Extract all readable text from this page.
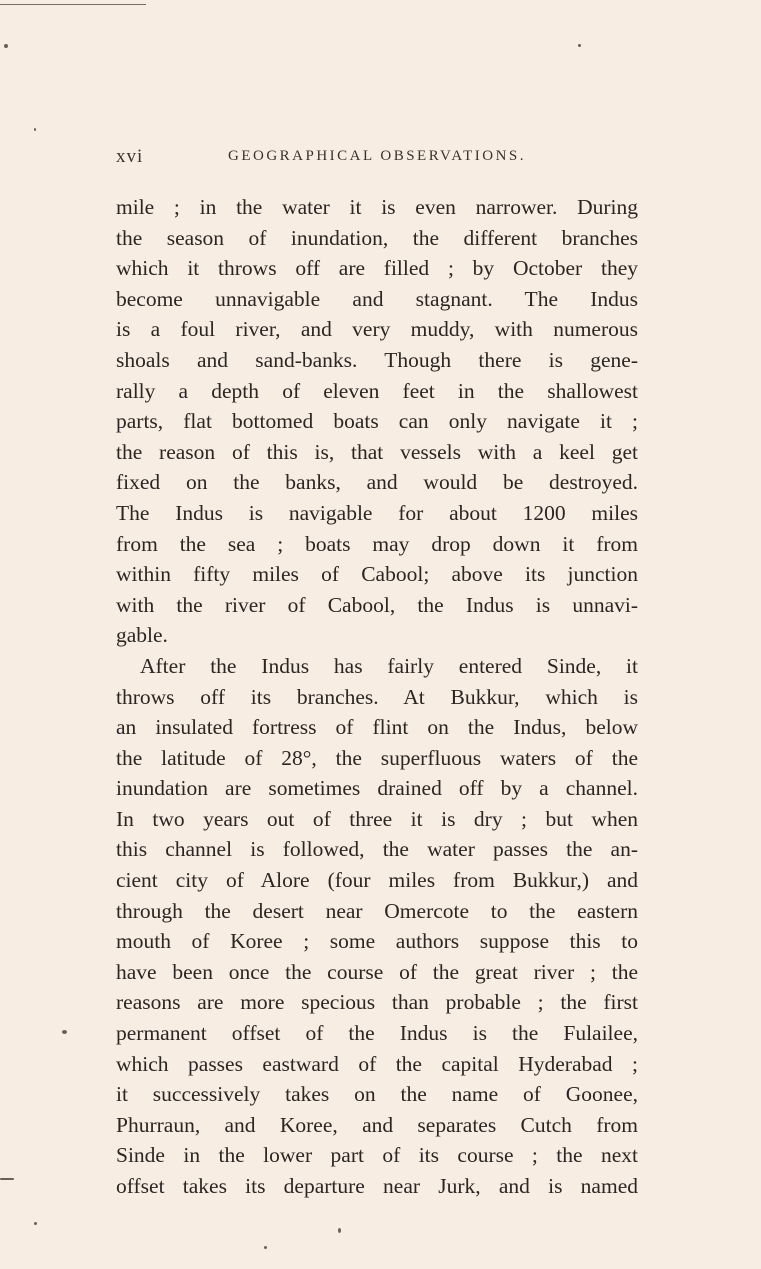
xvi	GEOGRAPHICAL OBSERVATIONS.
mile ; in the water it is even narrower. During
the season of inundation, the different branches
which it throws off are filled ; by October they
become unnavigable and stagnant. The Indus
is a foul river, and very muddy, with numerous
shoals and sand-banks. Though there is gene-
rally a depth of eleven feet in the shallowest
parts, flat bottomed boats can only navigate it ;
the reason of this is, that vessels with a keel get
fixed on the banks, and would be destroyed.
The Indus is navigable for about 1200 miles
from the sea ; boats may drop down it from
within fifty miles of Cabool; above its junction
with the river of Cabool, the Indus is unnavi-
gable.
After the Indus has fairly entered Sinde, it
throws off its branches. At Bukkur, which is
an insulated fortress of flint on the Indus, below
the latitude of 28°, the superfluous waters of the
inundation are sometimes drained off by a channel.
In two years out of three it is dry ; but when
this channel is followed, the water passes the an-
cient city of Alore (four miles from Bukkur,) and
through the desert near Omercote to the eastern
mouth of Koree ; some authors suppose this to
have been once the course of the great river ; the
reasons are more specious than probable ; the first
permanent offset of the Indus is the Fulailee,
which passes eastward of the capital Hyderabad ;
it successively takes on the name of Goonee,
Phurraun, and Koree, and separates Cutch from
Sinde in the lower part of its course ; the next
offset takes its departure near Jurk, and is named
